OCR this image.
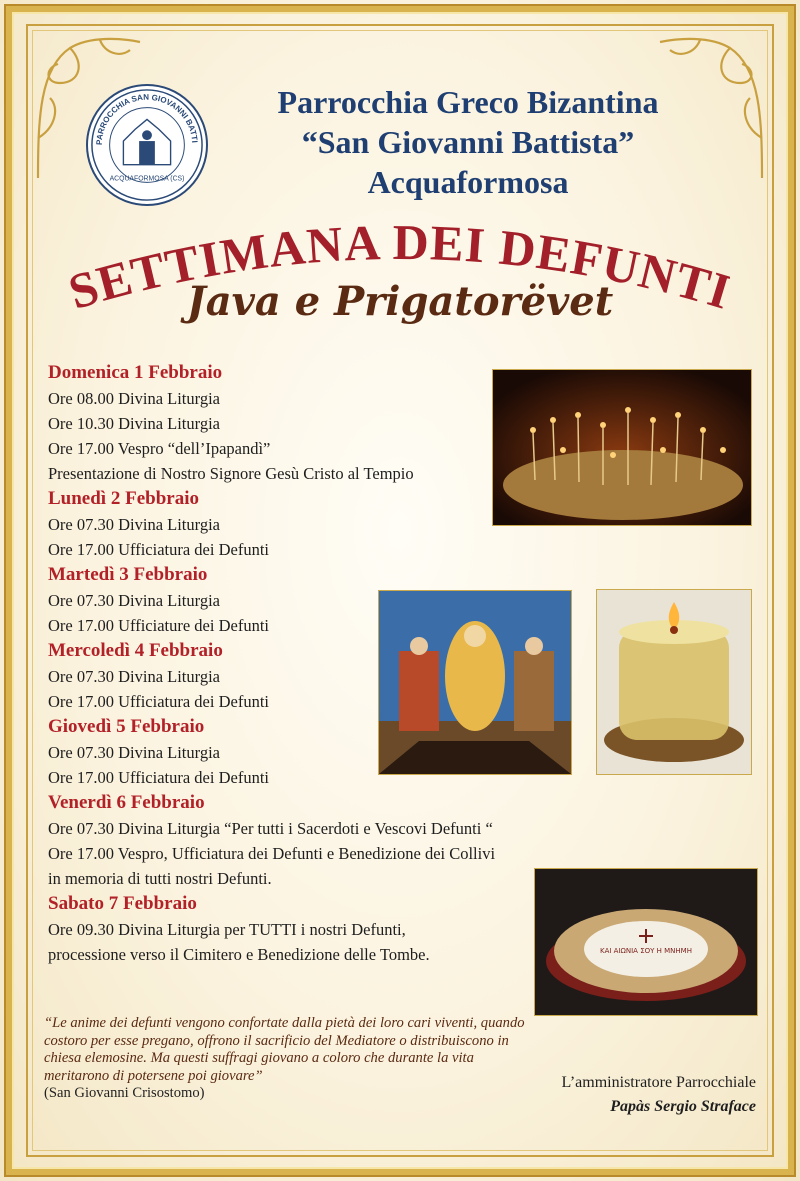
PARROCCHIA SAN GIOVANNI BATTI
ACQUAFORMOSA (CS)
Parrocchia Greco Bizantina
“San Giovanni Battista”
Acquaformosa
ETTIMANA DEI DEFUNT
Java e Prigatorëvet
Domenica 1 Febbraio
Ore 08.00 Divina Liturgia
Ore 10.30 Divina Liturgia
Ore 17.00 Vespro “dell’Ipapandì”
Presentazione di Nostro Signore Gesù Cristo al Tempio
Lunedì 2 Febbraio
Ore 07.30 Divina Liturgia
Ore 17.00 Ufficiatura dei Defunti
Martedì 3 Febbraio
Ore 07.30 Divina Liturgia
Ore 17.00 Ufficiature dei Defunti
Mercoledì 4 Febbraio
Ore 07.30 Divina Liturgia
Ore 17.00 Ufficiatura dei Defunti
Giovedì 5 Febbraio
Ore 07.30 Divina Liturgia
Ore 17.00 Ufficiatura dei Defunti
Venerdì 6 Febbraio
Ore 07.30 Divina Liturgia “Per tutti i Sacerdoti e Vescovi Defunti “
Ore 17.00 Vespro, Ufficiatura dei Defunti e Benedizione dei Collivi
in memoria di tutti nostri Defunti.
Sabato 7 Febbraio
Ore 09.30 Divina Liturgia per TUTTI i nostri Defunti,
processione verso il Cimitero e Benedizione delle Tombe.	ΚΑΙ ΑΙΩΝΙΑ ΣΟΥ Η ΜΝΗΜΗ
“Le anime dei defunti vengono confortate dalla pietà dei loro cari viventi, quando costoro per esse pregano, offrono il sacrificio del Mediatore o distribuiscono in chiesa elemosine. Ma questi suffragi giovano a coloro che durante la vita meritarono di potersene poi giovare”
(San Giovanni Crisostomo)
L’amministratore Parrocchiale
Papàs Sergio Straface
